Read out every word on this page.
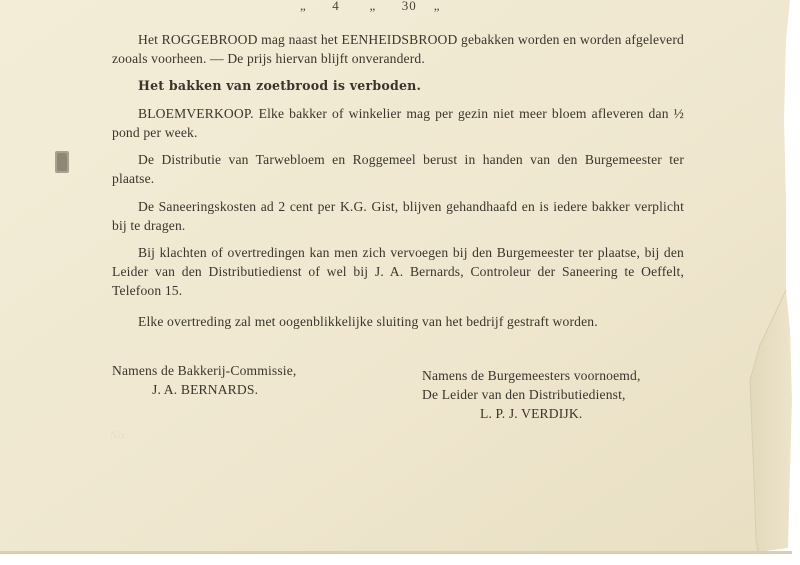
„      4       „      30    „

Het ROGGEBROOD mag naast het EENHEIDSBROOD gebakken worden en worden afgeleverd zooals voorheen. — De prijs hiervan blijft onveranderd.

Het bakken van zoetbrood is verboden.

BLOEMVERKOOP. Elke bakker of winkelier mag per gezin niet meer bloem afleveren dan ½ pond per week.

De Distributie van Tarwebloem en Roggemeel berust in handen van den Burgemeester ter plaatse.

De Saneeringskosten ad 2 cent per K.G. Gist, blijven gehandhaafd en is iedere bakker verplicht bij te dragen.

Bij klachten of overtredingen kan men zich vervoegen bij den Burgemeester ter plaatse, bij den Leider van den Distributiedienst of wel bij J. A. Bernards, Controleur der Saneering te Oeffelt, Telefoon 15.

Elke overtreding zal met oogenblikkelijke sluiting van het bedrijf gestraft worden.

Namens de Bakkerij-Commissie,
J. A. BERNARDS.
Namens de Burgemeesters voornoemd,
De Leider van den Distributiedienst,
L. P. J. VERDIJK.
No.
